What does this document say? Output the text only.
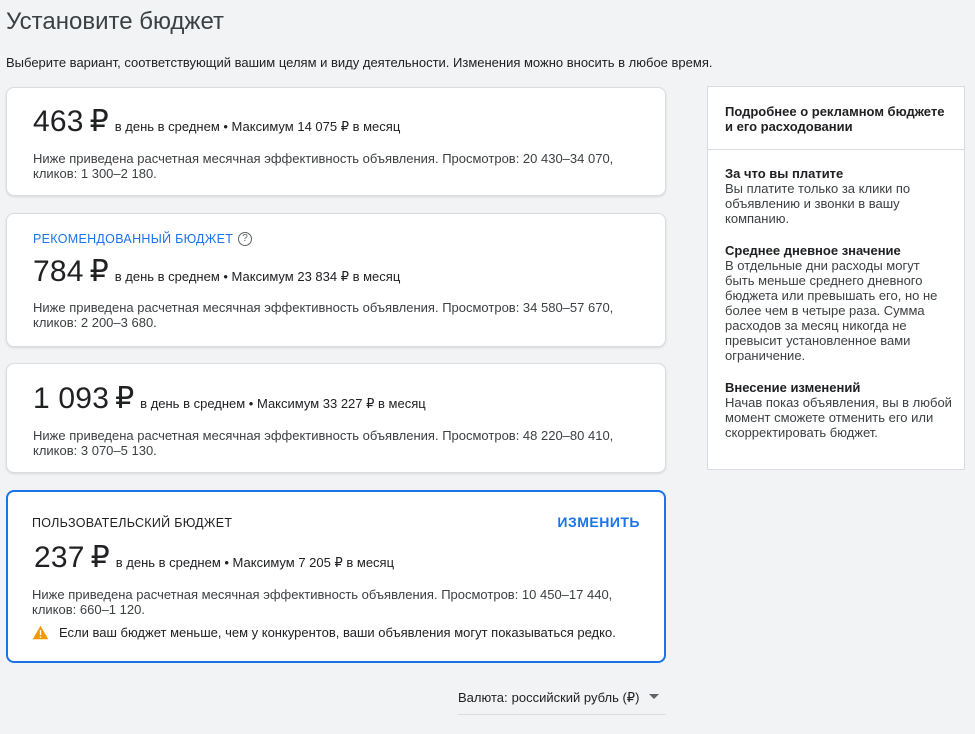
Установите бюджет
Выберите вариант, соответствующий вашим целям и виду деятельности. Изменения можно вносить в любое время.
463 ₽ в день в среднем • Максимум 14 075 ₽ в месяц
Ниже приведена расчетная месячная эффективность объявления. Просмотров: 20 430–34 070, кликов: 1 300–2 180.
РЕКОМЕНДОВАННЫЙ БЮДЖЕТ ?
784 ₽ в день в среднем • Максимум 23 834 ₽ в месяц
Ниже приведена расчетная месячная эффективность объявления. Просмотров: 34 580–57 670, кликов: 2 200–3 680.
1 093 ₽ в день в среднем • Максимум 33 227 ₽ в месяц
Ниже приведена расчетная месячная эффективность объявления. Просмотров: 48 220–80 410, кликов: 3 070–5 130.
ПОЛЬЗОВАТЕЛЬСКИЙ БЮДЖЕТ	ИЗМЕНИТЬ
237 ₽ в день в среднем • Максимум 7 205 ₽ в месяц
Ниже приведена расчетная месячная эффективность объявления. Просмотров: 10 450–17 440, кликов: 660–1 120.
Если ваш бюджет меньше, чем у конкурентов, ваши объявления могут показываться редко.
Подробнее о рекламном бюджете и его расходовании
За что вы платите
Вы платите только за клики по объявлению и звонки в вашу компанию.
Среднее дневное значение
В отдельные дни расходы могут быть меньше среднего дневного бюджета или превышать его, но не более чем в четыре раза. Сумма расходов за месяц никогда не превысит установленное вами ограничение.
Внесение изменений
Начав показ объявления, вы в любой момент сможете отменить его или скорректировать бюджет.
Валюта: российский рубль (₽)
